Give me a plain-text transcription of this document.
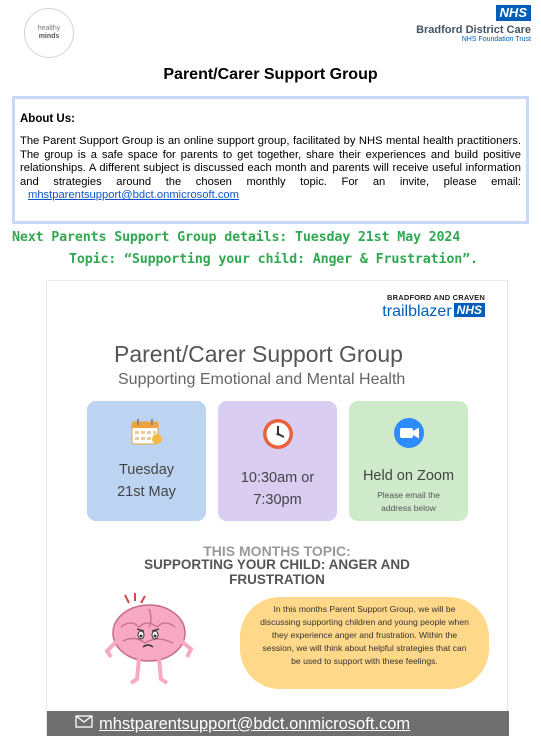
healthy
minds
NHS
Bradford District Care
NHS Foundation Trust
Parent/Carer Support Group
About Us:
The Parent Support Group is an online support group, facilitated by NHS mental health practitioners. The group is a safe space for parents to get together, share their experiences and build positive relationships. A different subject is discussed each month and parents will receive useful information and strategies around the chosen monthly topic. For an invite, please email: mhstparentsupport@bdct.onmicrosoft.com
Next Parents Support Group details: Tuesday 21st May 2024
Topic: “Supporting your child: Anger & Frustration”.
BRADFORD AND CRAVEN
trailblazer NHS
Parent/Carer Support Group
Supporting Emotional and Mental Health
Tuesday
21st May
10:30am or
7:30pm
Held on Zoom
Please email the
address below
THIS MONTHS TOPIC:
SUPPORTING YOUR CHILD: ANGER AND
FRUSTRATION
In this months Parent Support Group, we will be discussing supporting children and young people when they experience anger and frustration. Within the session, we will think about helpful strategies that can be used to support with these feelings.
mhstparentsupport@bdct.onmicrosoft.com
